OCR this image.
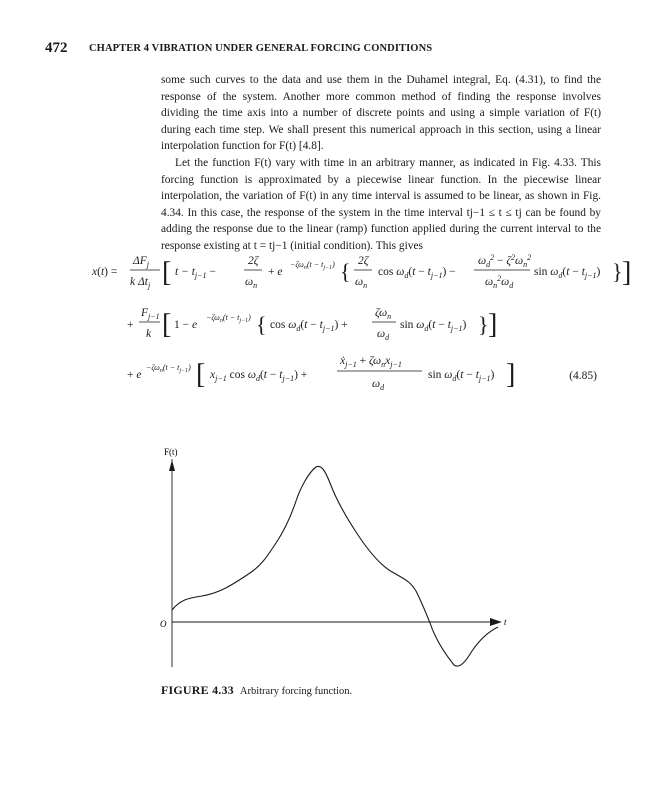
472 CHAPTER 4 VIBRATION UNDER GENERAL FORCING CONDITIONS

some such curves to the data and use them in the Duhamel integral, Eq. (4.31), to find the response of the system. Another more common method of finding the response involves dividing the time axis into a number of discrete points and using a simple variation of F(t) during each time step. We shall present this numerical approach in this section, using a linear interpolation function for F(t) [4.8].

Let the function F(t) vary with time in an arbitrary manner, as indicated in Fig. 4.33. This forcing function is approximated by a piecewise linear function. In the piecewise linear interpolation, the variation of F(t) in any time interval is assumed to be linear, as shown in Fig. 4.34. In this case, the response of the system in the time interval tj−1 ≤ t ≤ tj can be found by adding the response due to the linear (ramp) function applied during the current interval to the response existing at t = tj−1 (initial condition). This gives

x(t) =
$\Delta F_j$
k $\Delta t_j$ [ $t - t_{j-1}$ −
2ζ
$\omega_n$
+ e
$-\zeta\omega_n(t - t_{j-1})$ { 2ζ
$\omega_n$
$\cos \omega_d(t - t_{j-1})$ −
$\omega_d^2 - \zeta^2\omega_n^2$
$\omega_n^2\omega_d$
$\sin \omega_d(t - t_{j-1})$ } ]
+
$F_{j-1}$
k [ 1 − e
$-\zeta\omega_n(t - t_{j-1})$ { $\cos \omega_d(t - t_{j-1})$ +
$\zeta\omega_n$
$\omega_d$
$\sin \omega_d(t - t_{j-1})$ } ]
+ e
$-\zeta\omega_n(t - t_{j-1})$ [ $x_{j-1}$ $\cos \omega_d(t - t_{j-1})$ +
ẋ$_{j-1}$ + $\zeta\omega_nx_{j-1}$
$\omega_d$
$\sin \omega_d(t - t_{j-1})$ ]	(4.85)
F(t)
O	t
FIGURE 4.33 Arbitrary forcing function.
